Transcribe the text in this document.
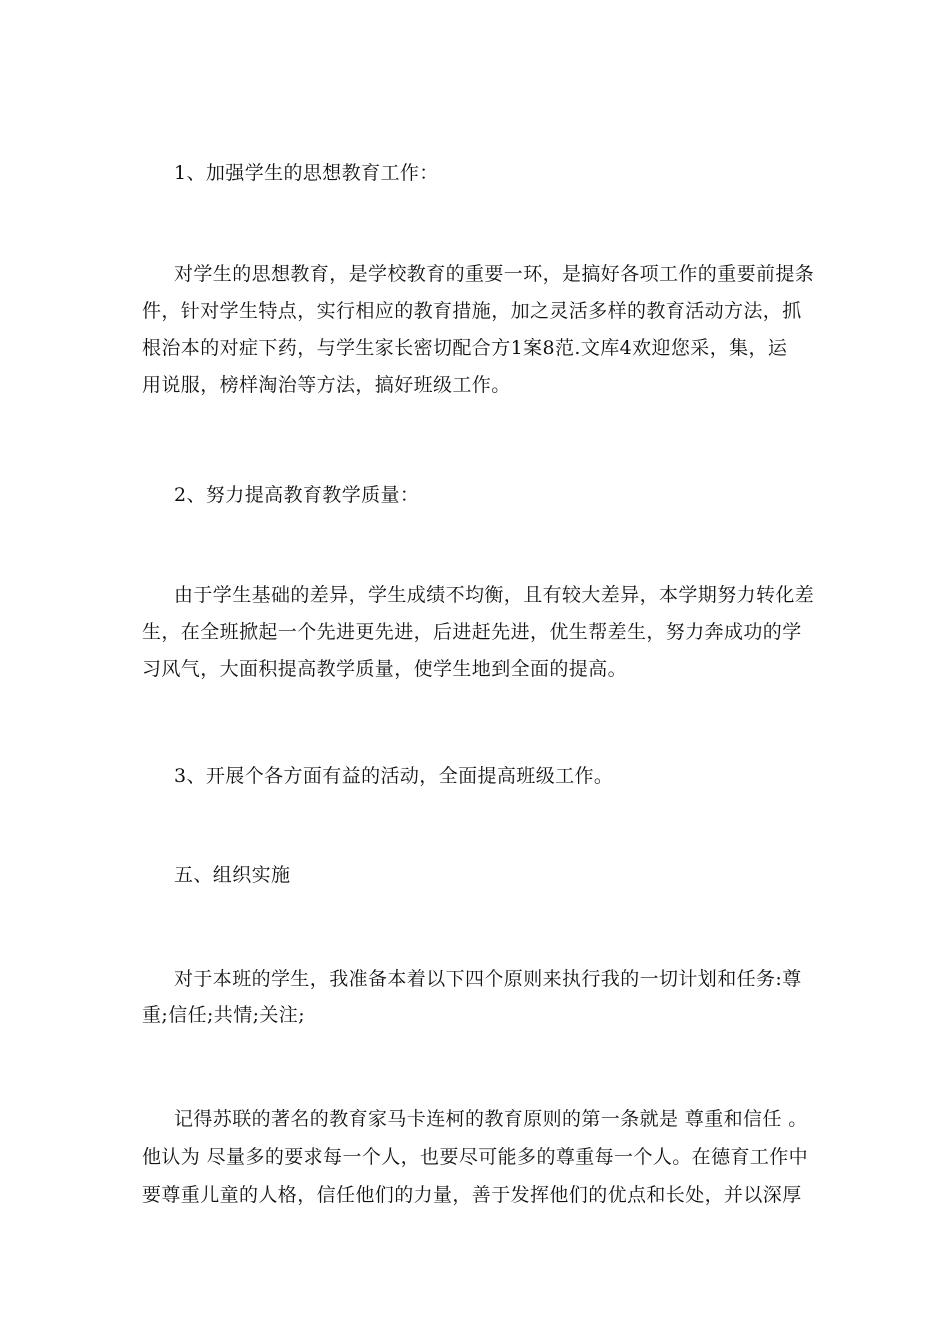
1、加强学生的思想教育工作：
对学生的思想教育，是学校教育的重要一环，是搞好各项工作的重要前提条
件，针对学生特点，实行相应的教育措施，加之灵活多样的教育活动方法，抓
根治本的对症下药，与学生家长密切配合方1案8范.文库4欢迎您采，集，运
用说服，榜样淘治等方法，搞好班级工作。
2、努力提高教育教学质量：
由于学生基础的差异，学生成绩不均衡，且有较大差异，本学期努力转化差
生，在全班掀起一个先进更先进，后进赶先进，优生帮差生，努力奔成功的学
习风气，大面积提高教学质量，使学生地到全面的提高。
3、开展个各方面有益的活动，全面提高班级工作。
五、组织实施
对于本班的学生，我准备本着以下四个原则来执行我的一切计划和任务:尊
重;信任;共情;关注;
记得苏联的著名的教育家马卡连柯的教育原则的第一条就是 尊重和信任 。
他认为 尽量多的要求每一个人，也要尽可能多的尊重每一个人。在德育工作中
要尊重儿童的人格，信任他们的力量，善于发挥他们的优点和长处，并以深厚
